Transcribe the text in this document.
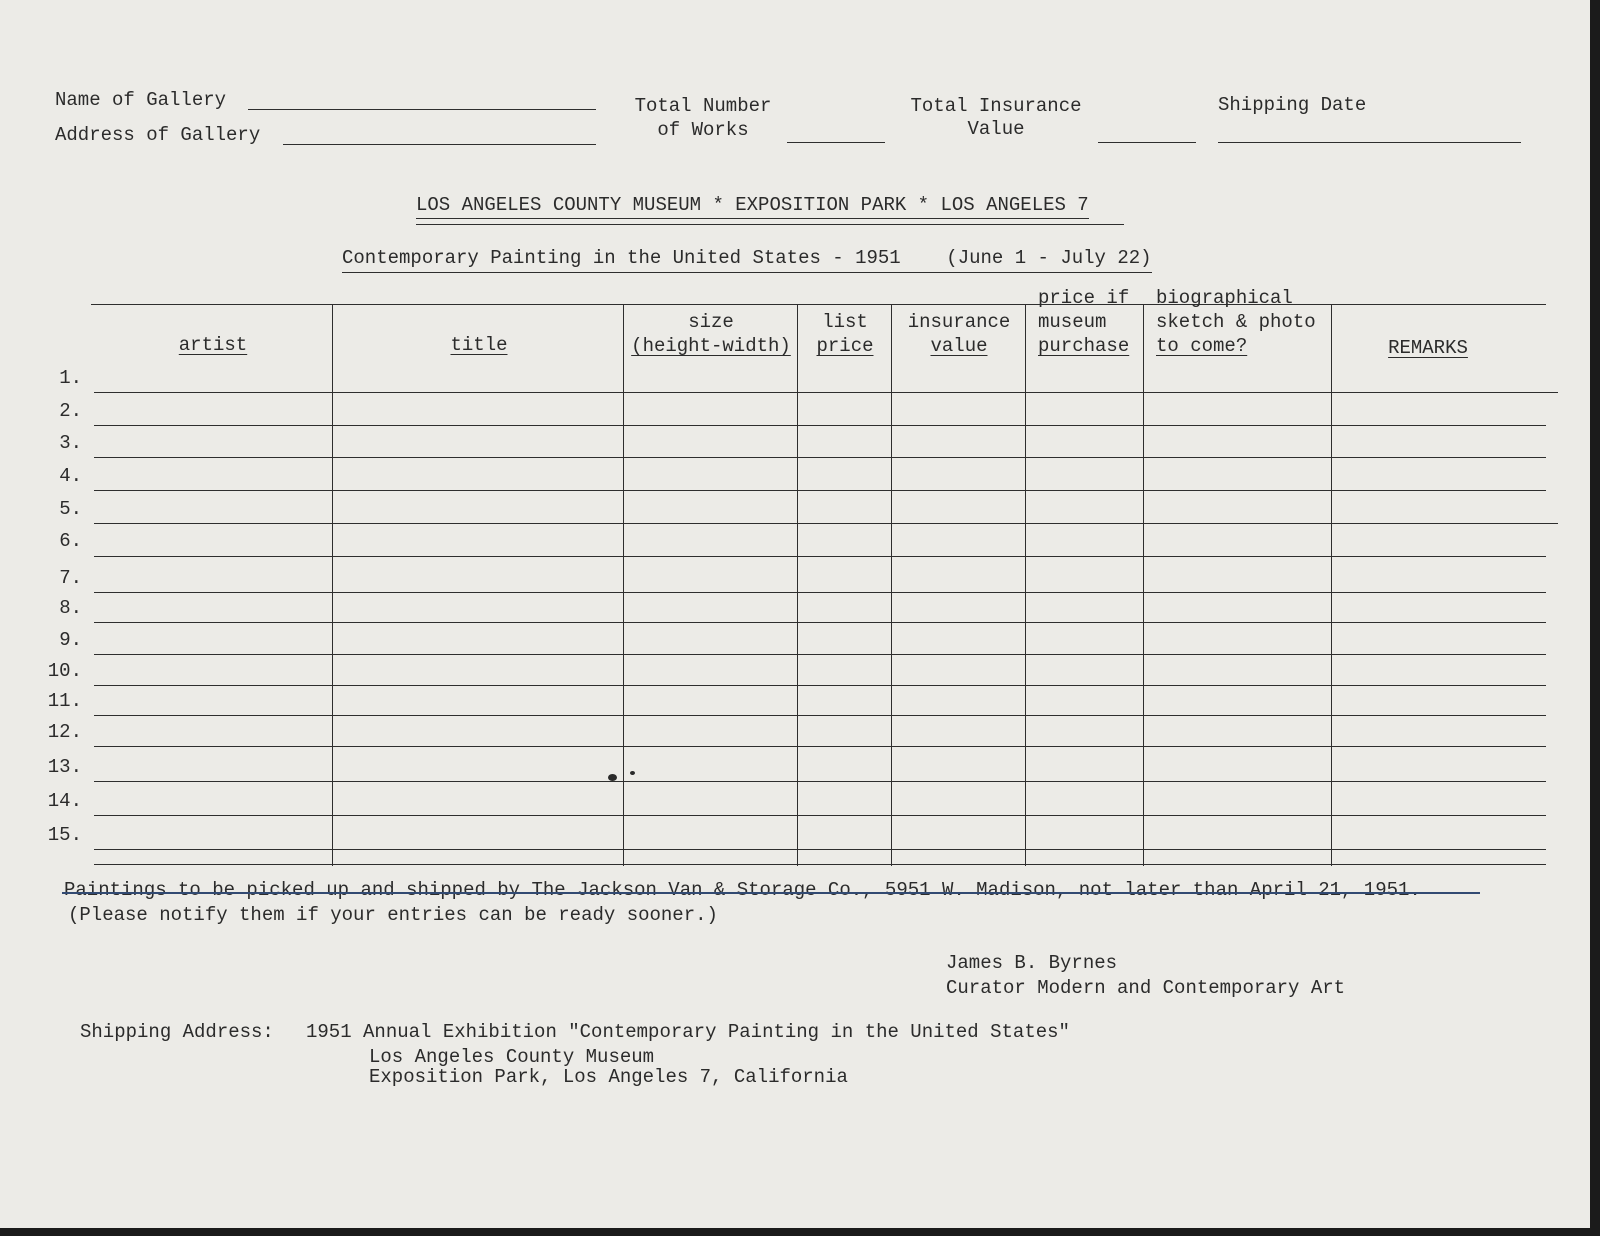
Name of Gallery
Address of Gallery
Total Number
of Works
Total Insurance
Value
Shipping Date
LOS ANGELES COUNTY MUSEUM * EXPOSITION PARK * LOS ANGELES 7
Contemporary Painting in the United States - 1951    (June 1 - July 22)
artist	title
size
(height-width)
list
price
insurance
value
price if
museum
purchase
biographical
sketch & photo
to come?	REMARKS
1.
2.
3.
4.
5.
6.
7.
8.
9.
10.
11.
12.
13.
14.
15.
Paintings to be picked up and shipped by The Jackson Van & Storage Co., 5951 W. Madison, not later than April 21, 1951.
(Please notify them if your entries can be ready sooner.)
James B. Byrnes
Curator Modern and Contemporary Art
Shipping Address: 1951 Annual Exhibition "Contemporary Painting in the United States"
Los Angeles County Museum
Exposition Park, Los Angeles 7, California
